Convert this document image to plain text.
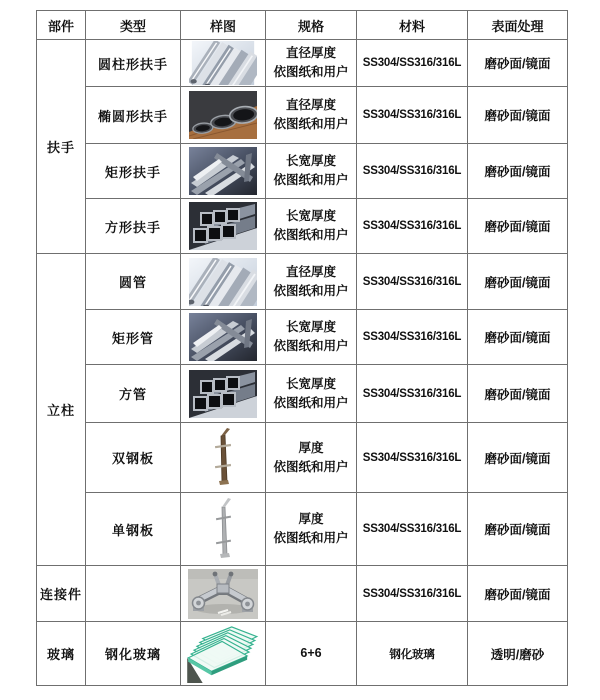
部件	类型	样图	规格	材料	表面处理
扶手	圆柱形扶手		直径厚度
依图纸和用户	SS304/SS316/316L	磨砂面/镜面
	椭圆形扶手		直径厚度
依图纸和用户	SS304/SS316/316L	磨砂面/镜面
	矩形扶手		长宽厚度
依图纸和用户	SS304/SS316/316L	磨砂面/镜面
	方形扶手		长宽厚度
依图纸和用户	SS304/SS316/316L	磨砂面/镜面
立柱	圆管		直径厚度
依图纸和用户	SS304/SS316/316L	磨砂面/镜面
	矩形管		长宽厚度
依图纸和用户	SS304/SS316/316L	磨砂面/镜面
	方管		长宽厚度
依图纸和用户	SS304/SS316/316L	磨砂面/镜面
	双钢板		厚度
依图纸和用户	SS304/SS316/316L	磨砂面/镜面
	单钢板		厚度
依图纸和用户	SS304/SS316/316L	磨砂面/镜面
连接件				SS304/SS316/316L	磨砂面/镜面
玻璃	钢化玻璃		6+6	钢化玻璃	透明/磨砂
